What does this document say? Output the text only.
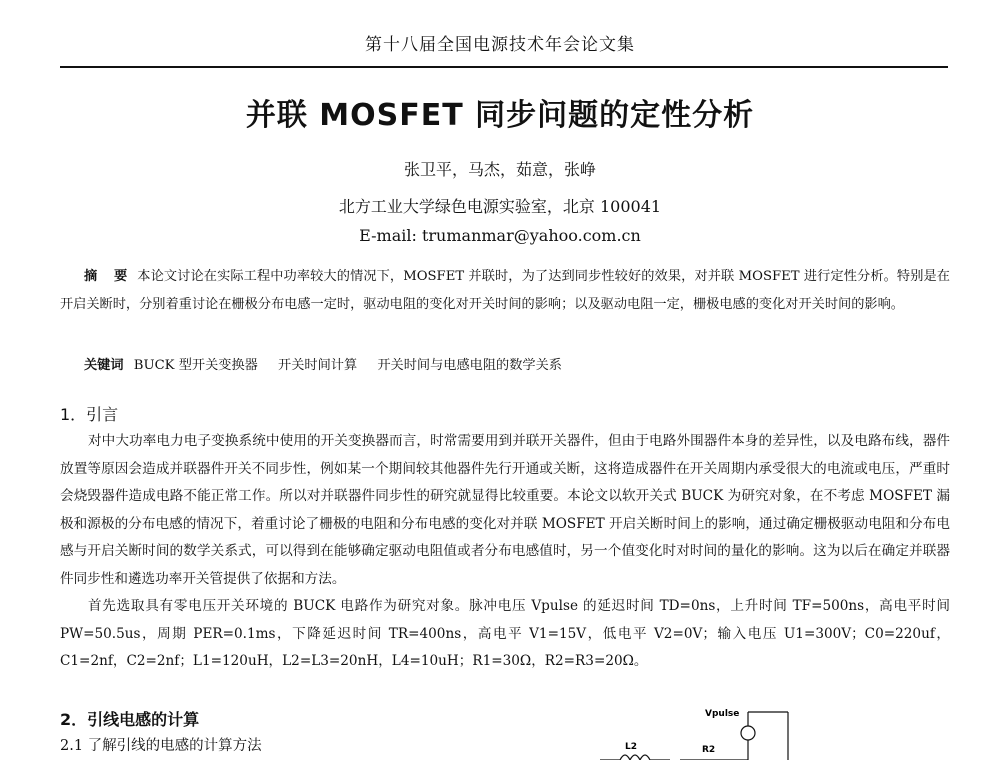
第十八届全国电源技术年会论文集
并联 MOSFET 同步问题的定性分析
张卫平，马杰，茹意，张峥
北方工业大学绿色电源实验室，北京 100041
E-mail: trumanmar@yahoo.com.cn
摘 要 本论文讨论在实际工程中功率较大的情况下，MOSFET 并联时，为了达到同步性较好的效果，对并联 MOSFET 进行定性分析。特别是在开启关断时，分别着重讨论在栅极分布电感一定时，驱动电阻的变化对开关时间的影响；以及驱动电阻一定，栅极电感的变化对开关时间的影响。
关键词 BUCK 型开关变换器 开关时间计算 开关时间与电感电阻的数学关系
1．引言
对中大功率电力电子变换系统中使用的开关变换器而言，时常需要用到并联开关器件，但由于电路外围器件本身的差异性，以及电路布线，器件放置等原因会造成并联器件开关不同步性，例如某一个期间较其他器件先行开通或关断，这将造成器件在开关周期内承受很大的电流或电压，严重时会烧毁器件造成电路不能正常工作。所以对并联器件同步性的研究就显得比较重要。本论文以软开关式 BUCK 为研究对象，在不考虑 MOSFET 漏极和源极的分布电感的情况下，着重讨论了栅极的电阻和分布电感的变化对并联 MOSFET 开启关断时间上的影响，通过确定栅极驱动电阻和分布电感与开启关断时间的数学关系式，可以得到在能够确定驱动电阻值或者分布电感值时，另一个值变化时对时间的量化的影响。这为以后在确定并联器件同步性和遴选功率开关管提供了依据和方法。
首先选取具有零电压开关环境的 BUCK 电路作为研究对象。脉冲电压 Vpulse 的延迟时间 TD=0ns，上升时间 TF=500ns，高电平时间 PW=50.5us，周期 PER=0.1ms，下降延迟时间 TR=400ns，高电平 V1=15V，低电平 V2=0V；输入电压 U1=300V；C0=220uf，C1=2nf，C2=2nf；L1=120uH，L2=L3=20nH，L4=10uH；R1=30Ω，R2=R3=20Ω。
2．引线电感的计算
2.1 了解引线的电感的计算方法
Vpulse
L2	R2
